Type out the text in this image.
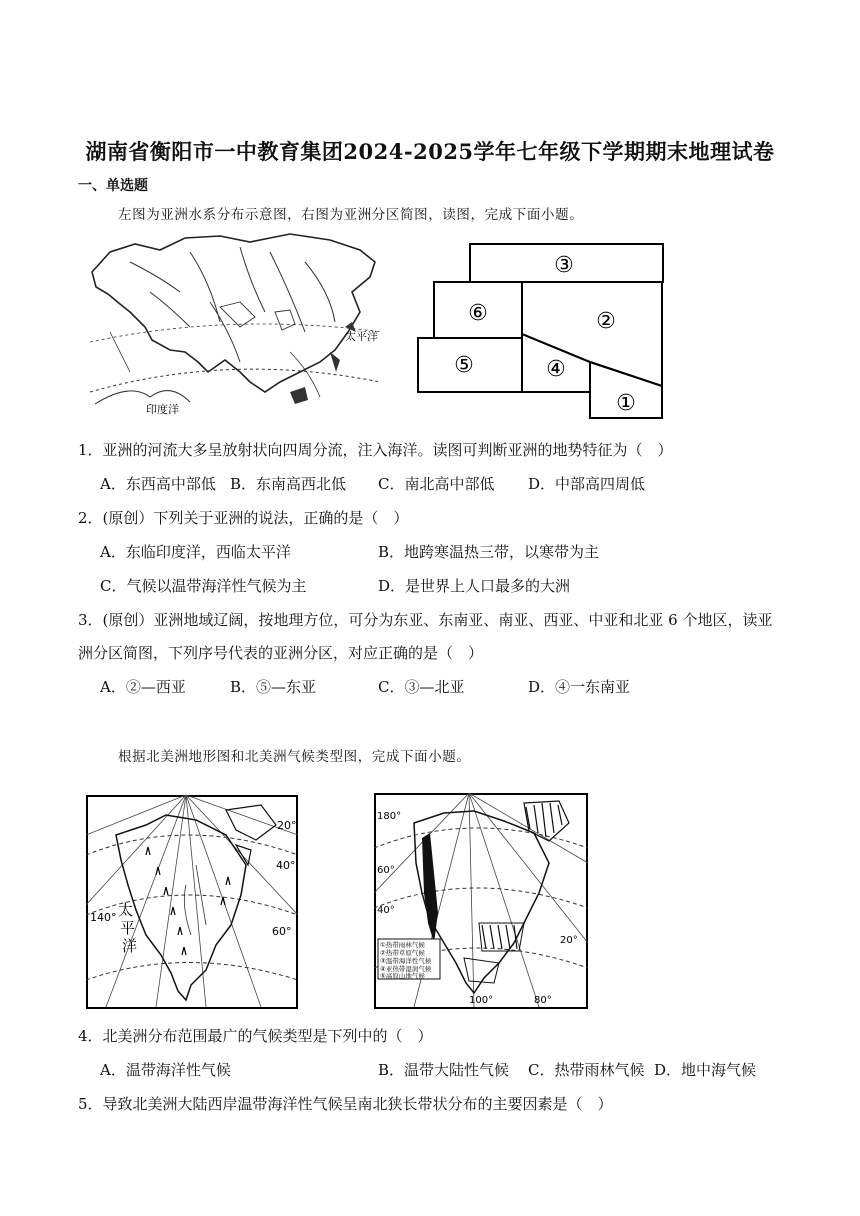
湖南省衡阳市一中教育集团2024-2025学年七年级下学期期末地理试卷
一、单选题
左图为亚洲水系分布示意图，右图为亚洲分区简图，读图，完成下面小题。
太平洋
印度洋
③
⑥	②
⑤	④
①
1．亚洲的河流大多呈放射状向四周分流，注入海洋。读图可判断亚洲的地势特征为（　）
A．东西高中部低 B．东南高西北低 C．南北高中部低 D．中部高四周低
2．(原创）下列关于亚洲的说法，正确的是（　）
A．东临印度洋，西临太平洋	B．地跨寒温热三带，以寒带为主
C．气候以温带海洋性气候为主	D．是世界上人口最多的大洲
3．(原创）亚洲地域辽阔，按地理方位，可分为东亚、东南亚、南亚、西亚、中亚和北亚 6 个地区，读亚
洲分区简图，下列序号代表的亚洲分区，对应正确的是（　）
A．②—西亚	B．⑤—东亚	C．③—北亚	D．④一东南亚
根据北美洲地形图和北美洲气候类型图，完成下面小题。
20°
40°
140° 太
平
洋
60°
①热带雨林气候
②热带草原气候
③温带海洋性气候
④亚热带湿润气候
⑤高原山地气候
180°
60°
40°
20°
100°	80°
4．北美洲分布范围最广的气候类型是下列中的（　）
A．温带海洋性气候	B．温带大陆性气候 C．热带雨林气候 D．地中海气候
5．导致北美洲大陆西岸温带海洋性气候呈南北狭长带状分布的主要因素是（　）
